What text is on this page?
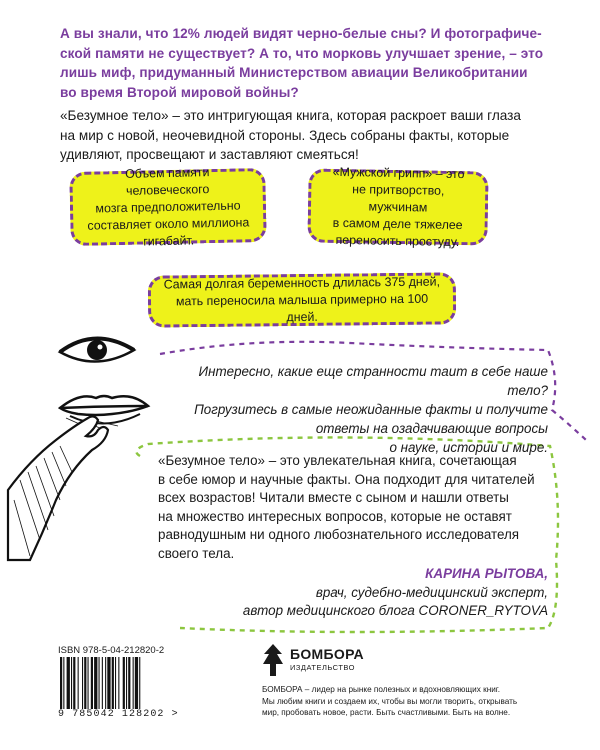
А вы знали, что 12% людей видят черно-белые сны? И фотографиче-
ской памяти не существует? А то, что морковь улучшает зрение, – это
лишь миф, придуманный Министерством авиации Великобритании
во время Второй мировой войны?
«Безумное тело» – это интригующая книга, которая раскроет ваши глаза
на мир с новой, неочевидной стороны. Здесь собраны факты, которые
удивляют, просвещают и заставляют смеяться!
Объем памяти человеческого
мозга предположительно
составляет около миллиона
гигабайт.
«Мужской грипп» – это
не притворство, мужчинам
в самом деле тяжелее
переносить простуду.
Самая долгая беременность длилась 375 дней,
мать переносила малыша примерно на 100 дней.
Интересно, какие еще странности таит в себе наше тело?
Погрузитесь в самые неожиданные факты и получите
ответы на озадачивающие вопросы
о науке, истории и мире.
«Безумное тело» – это увлекательная книга, сочетающая
в себе юмор и научные факты. Она подходит для читателей
всех возрастов! Читали вместе с сыном и нашли ответы
на множество интересных вопросов, которые не оставят
равнодушным ни одного любознательного исследователя
своего тела.
КАРИНА РЫТОВА,
врач, судебно-медицинский эксперт,
автор медицинского блога CORONER_RYTOVA
ISBN 978-5-04-212820-2
9 785042 128202 >
БОМБОРА
ИЗДАТЕЛЬСТВО
БОМБОРА – лидер на рынке полезных и вдохновляющих книг.
Мы любим книги и создаем их, чтобы вы могли творить, открывать
мир, пробовать новое, расти. Быть счастливыми. Быть на волне.
